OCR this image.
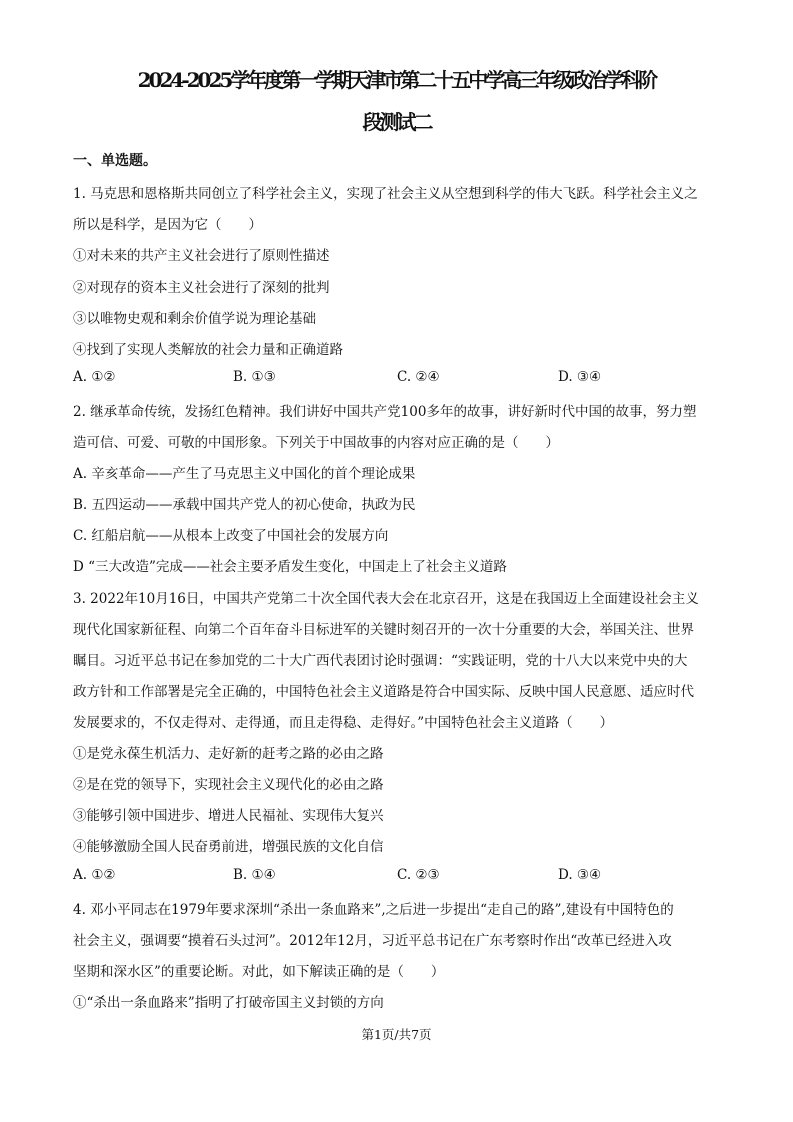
2024-2025学年度第一学期天津市第二十五中学高三年级政治学科阶
段测试二
一、单选题。
1. 马克思和恩格斯共同创立了科学社会主义，实现了社会主义从空想到科学的伟大飞跃。科学社会主义之
所以是科学，是因为它（　　）
①对未来的共产主义社会进行了原则性描述
②对现存的资本主义社会进行了深刻的批判
③以唯物史观和剩余价值学说为理论基础
④找到了实现人类解放的社会力量和正确道路
A. ①②	B. ①③	C. ②④	D. ③④
2. 继承革命传统，发扬红色精神。我们讲好中国共产党100多年的故事，讲好新时代中国的故事，努力塑
造可信、可爱、可敬的中国形象。下列关于中国故事的内容对应正确的是（　　）
A. 辛亥革命——产生了马克思主义中国化的首个理论成果
B. 五四运动——承载中国共产党人的初心使命，执政为民
C. 红船启航——从根本上改变了中国社会的发展方向
D “三大改造”完成——社会主要矛盾发生变化，中国走上了社会主义道路
3. 2022年10月16日，中国共产党第二十次全国代表大会在北京召开，这是在我国迈上全面建设社会主义
现代化国家新征程、向第二个百年奋斗目标进军的关键时刻召开的一次十分重要的大会，举国关注、世界
瞩目。习近平总书记在参加党的二十大广西代表团讨论时强调：“实践证明，党的十八大以来党中央的大
政方针和工作部署是完全正确的，中国特色社会主义道路是符合中国实际、反映中国人民意愿、适应时代
发展要求的，不仅走得对、走得通，而且走得稳、走得好。”中国特色社会主义道路（　　）
①是党永葆生机活力、走好新的赶考之路的必由之路
②是在党的领导下，实现社会主义现代化的必由之路
③能够引领中国进步、增进人民福祉、实现伟大复兴
④能够激励全国人民奋勇前进，增强民族的文化自信
A. ①②	B. ①④	C. ②③	D. ③④
4. 邓小平同志在1979年要求深圳“杀出一条血路来”,之后进一步提出“走自己的路”,建设有中国特色的
社会主义，强调要“摸着石头过河”。2012年12月，习近平总书记在广东考察时作出“改革已经进入攻
坚期和深水区”的重要论断。对此，如下解读正确的是（　　）
①“杀出一条血路来”指明了打破帝国主义封锁的方向
第1页/共7页
